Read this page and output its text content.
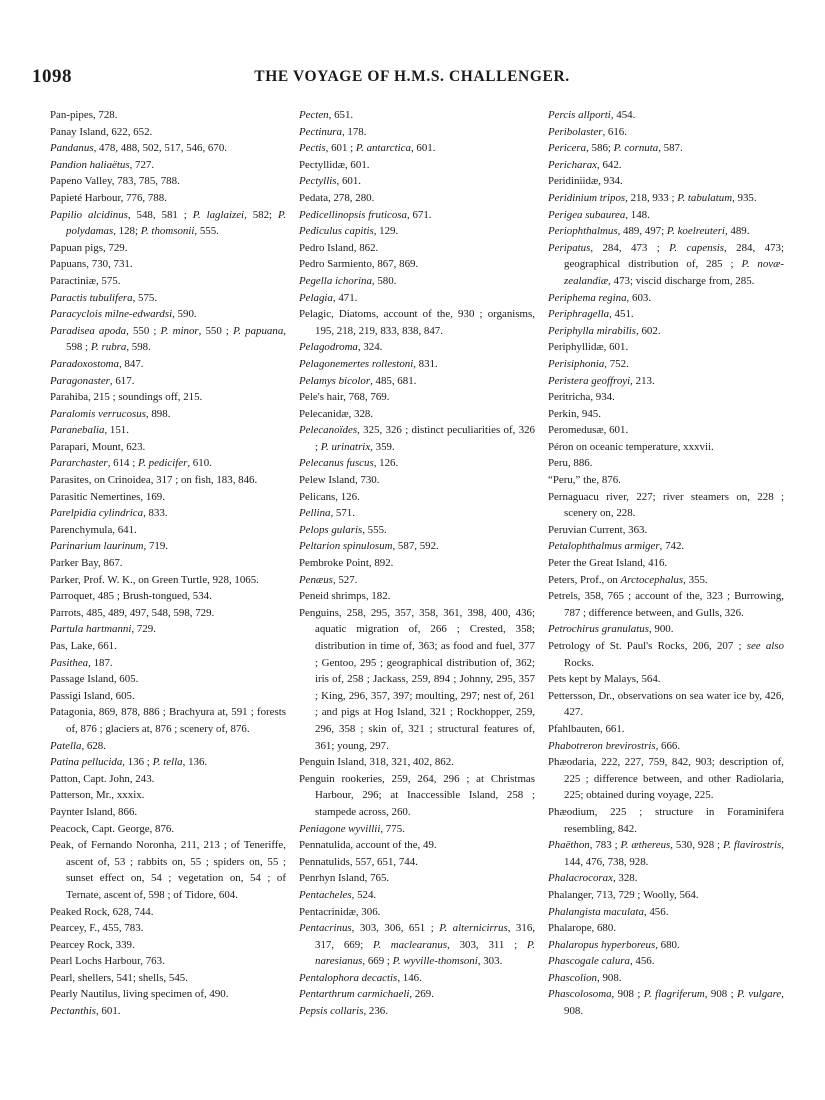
1098	THE VOYAGE OF H.M.S. CHALLENGER.
Pan-pipes, 728.
Panay Island, 622, 652.
Pandanus, 478, 488, 502, 517, 546, 670.
Pandion haliaëtus, 727.
Papeno Valley, 783, 785, 788.
Papieté Harbour, 776, 788.
Papilio alcidinus, 548, 581 ; P. laglaizei, 582; P. polydamas, 128; P. thomsonii, 555.
Papuan pigs, 729.
Papuans, 730, 731.
Paractiniæ, 575.
Paractis tubulifera, 575.
Paracyclois milne-edwardsi, 590.
Paradisea apoda, 550 ; P. minor, 550 ; P. papuana, 598 ; P. rubra, 598.
Paradoxostoma, 847.
Paragonaster, 617.
Parahiba, 215 ; soundings off, 215.
Paralomis verrucosus, 898.
Paranebalia, 151.
Parapari, Mount, 623.
Pararchaster, 614 ; P. pedicifer, 610.
Parasites, on Crinoidea, 317 ; on fish, 183, 846.
Parasitic Nemertines, 169.
Parelpidia cylindrica, 833.
Parenchymula, 641.
Parinarium laurinum, 719.
Parker Bay, 867.
Parker, Prof. W. K., on Green Turtle, 928, 1065.
Parroquet, 485 ; Brush-tongued, 534.
Parrots, 485, 489, 497, 548, 598, 729.
Partula hartmanni, 729.
Pas, Lake, 661.
Pasithea, 187.
Passage Island, 605.
Passigi Island, 605.
Patagonia, 869, 878, 886 ; Brachyura at, 591 ; forests of, 876 ; glaciers at, 876 ; scenery of, 876.
Patella, 628.
Patina pellucida, 136 ; P. tella, 136.
Patton, Capt. John, 243.
Patterson, Mr., xxxix.
Paynter Island, 866.
Peacock, Capt. George, 876.
Peak, of Fernando Noronha, 211, 213 ; of Teneriffe, ascent of, 53 ; rabbits on, 55 ; spiders on, 55 ; sunset effect on, 54 ; vegetation on, 54 ; of Ternate, ascent of, 598 ; of Tidore, 604.
Peaked Rock, 628, 744.
Pearcey, F., 455, 783.
Pearcey Rock, 339.
Pearl Lochs Harbour, 763.
Pearl, shellers, 541; shells, 545.
Pearly Nautilus, living specimen of, 490.
Pectanthis, 601.
Pecten, 651.
Pectinura, 178.
Pectis, 601 ; P. antarctica, 601.
Pectyllidæ, 601.
Pectyllis, 601.
Pedata, 278, 280.
Pedicellinopsis fruticosa, 671.
Pediculus capitis, 129.
Pedro Island, 862.
Pedro Sarmiento, 867, 869.
Pegella ichorina, 580.
Pelagia, 471.
Pelagic, Diatoms, account of the, 930 ; organisms, 195, 218, 219, 833, 838, 847.
Pelagodroma, 324.
Pelagonemertes rollestoni, 831.
Pelamys bicolor, 485, 681.
Pele's hair, 768, 769.
Pelecanidæ, 328.
Pelecanoïdes, 325, 326 ; distinct peculiarities of, 326 ; P. urinatrix, 359.
Pelecanus fuscus, 126.
Pelew Island, 730.
Pelicans, 126.
Pellina, 571.
Pelops gularis, 555.
Peltarion spinulosum, 587, 592.
Pembroke Point, 892.
Penæus, 527.
Peneid shrimps, 182.
Penguins, 258, 295, 357, 358, 361, 398, 400, 436; aquatic migration of, 266 ; Crested, 358; distribution in time of, 363; as food and fuel, 377 ; Gentoo, 295 ; geographical distribution of, 362; iris of, 258 ; Jackass, 259, 894 ; Johnny, 295, 357 ; King, 296, 357, 397; moulting, 297; nest of, 261 ; and pigs at Hog Island, 321 ; Rockhopper, 259, 296, 358 ; skin of, 321 ; structural features of, 361; young, 297.
Penguin Island, 318, 321, 402, 862.
Penguin rookeries, 259, 264, 296 ; at Christmas Harbour, 296; at Inaccessible Island, 258 ; stampede across, 260.
Peniagone wyvillii, 775.
Pennatulida, account of the, 49.
Pennatulids, 557, 651, 744.
Penrhyn Island, 765.
Pentacheles, 524.
Pentacrinidæ, 306.
Pentacrinus, 303, 306, 651 ; P. alternicirrus, 316, 317, 669; P. maclearanus, 303, 311 ; P. naresianus, 669 ; P. wyville-thomsoni, 303.
Pentalophora decactis, 146.
Pentarthrum carmichaeli, 269.
Pepsis collaris, 236.
Percis allporti, 454.
Peribolaster, 616.
Pericera, 586; P. cornuta, 587.
Pericharax, 642.
Peridiniidæ, 934.
Peridinium tripos, 218, 933 ; P. tabulatum, 935.
Perigea subaurea, 148.
Periophthalmus, 489, 497; P. koelreuteri, 489.
Peripatus, 284, 473 ; P. capensis, 284, 473; geographical distribution of, 285 ; P. novæ-zealandiæ, 473; viscid discharge from, 285.
Periphema regina, 603.
Periphragella, 451.
Periphylla mirabilis, 602.
Periphyllidæ, 601.
Perisiphonia, 752.
Peristera geoffroyi, 213.
Peritricha, 934.
Perkin, 945.
Peromedusæ, 601.
Péron on oceanic temperature, xxxvii.
Peru, 886.
“Peru,” the, 876.
Pernaguacu river, 227; river steamers on, 228 ; scenery on, 228.
Peruvian Current, 363.
Petalophthalmus armiger, 742.
Peter the Great Island, 416.
Peters, Prof., on Arctocephalus, 355.
Petrels, 358, 765 ; account of the, 323 ; Burrowing, 787 ; difference between, and Gulls, 326.
Petrochirus granulatus, 900.
Petrology of St. Paul's Rocks, 206, 207 ; see also Rocks.
Pets kept by Malays, 564.
Pettersson, Dr., observations on sea water ice by, 426, 427.
Pfahlbauten, 661.
Phabotreron brevirostris, 666.
Phæodaria, 222, 227, 759, 842, 903; description of, 225 ; difference between, and other Radiolaria, 225; obtained during voyage, 225.
Phæodium, 225 ; structure in Foraminifera resembling, 842.
Phaëthon, 783 ; P. æthereus, 530, 928 ; P. flavirostris, 144, 476, 738, 928.
Phalacrocorax, 328.
Phalanger, 713, 729 ; Woolly, 564.
Phalangista maculata, 456.
Phalarope, 680.
Phalaropus hyperboreus, 680.
Phascogale calura, 456.
Phascolion, 908.
Phascolosoma, 908 ; P. flagriferum, 908 ; P. vulgare, 908.
